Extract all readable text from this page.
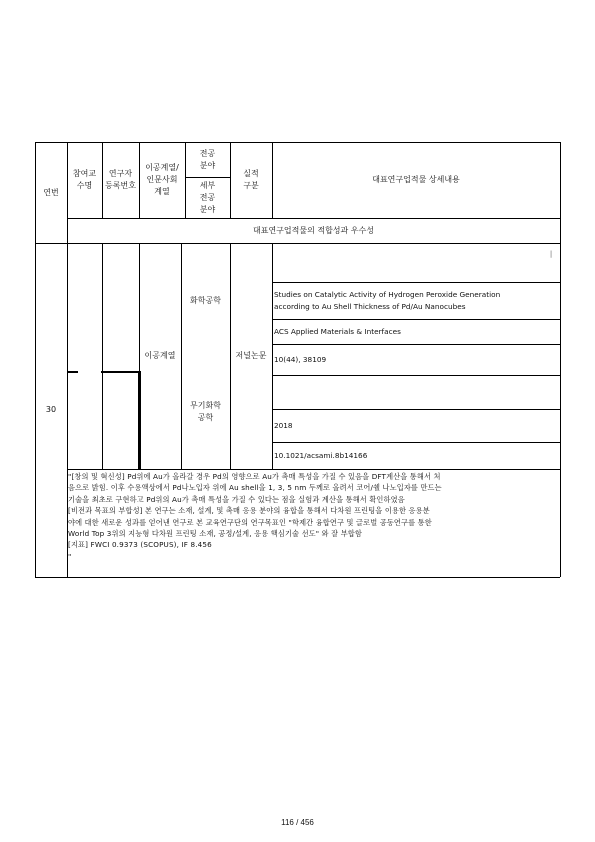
연번
참여교
수명
연구자
등록번호
이공계열/
인문사회
계열
전공
분야
세부
전공
분야
실적
구분
대표연구업적물 상세내용
대표연구업적물의 적합성과 우수성
30
이공계열
화학공학
무기화학
공학
저널논문
|
Studies on Catalytic Activity of Hydrogen Peroxide Generation
according to Au Shell Thickness of Pd/Au Nanocubes
ACS Applied Materials & Interfaces
10(44), 38109
2018
10.1021/acsami.8b14166
"[창의 및 혁신성] Pd위에 Au가 올라갈 경우 Pd의 영향으로 Au가 촉매 특성을 가질 수 있음을 DFT계산을 통해서 처
음으로 밝힘. 이후 수용액상에서 Pd나노입자 위에 Au shell을 1, 3, 5 nm 두께로 올려서 코어/쉘 나노입자를 만드는
기술을 최초로 구현하고 Pd위의 Au가 촉매 특성을 가질 수 있다는 점을 실험과 계산을 통해서 확인하였음
[비전과 목표의 부합성] 본 연구는 소재, 설계, 및 촉매 응용 분야의 융합을 통해서 다차원 프린팅을 이용한 응용분
야에 대한 새로운 성과를 얻어낸 연구로 본 교육연구단의 연구목표인 "학제간 융합연구 및 글로벌 공동연구를 통한
World Top 3위의 지능형 다차원 프린팅 소재, 공정/설계, 응용 핵심기술 선도" 와 잘 부합함
[지표] FWCI 0.9373 (SCOPUS), IF 8.456
"
116 / 456
